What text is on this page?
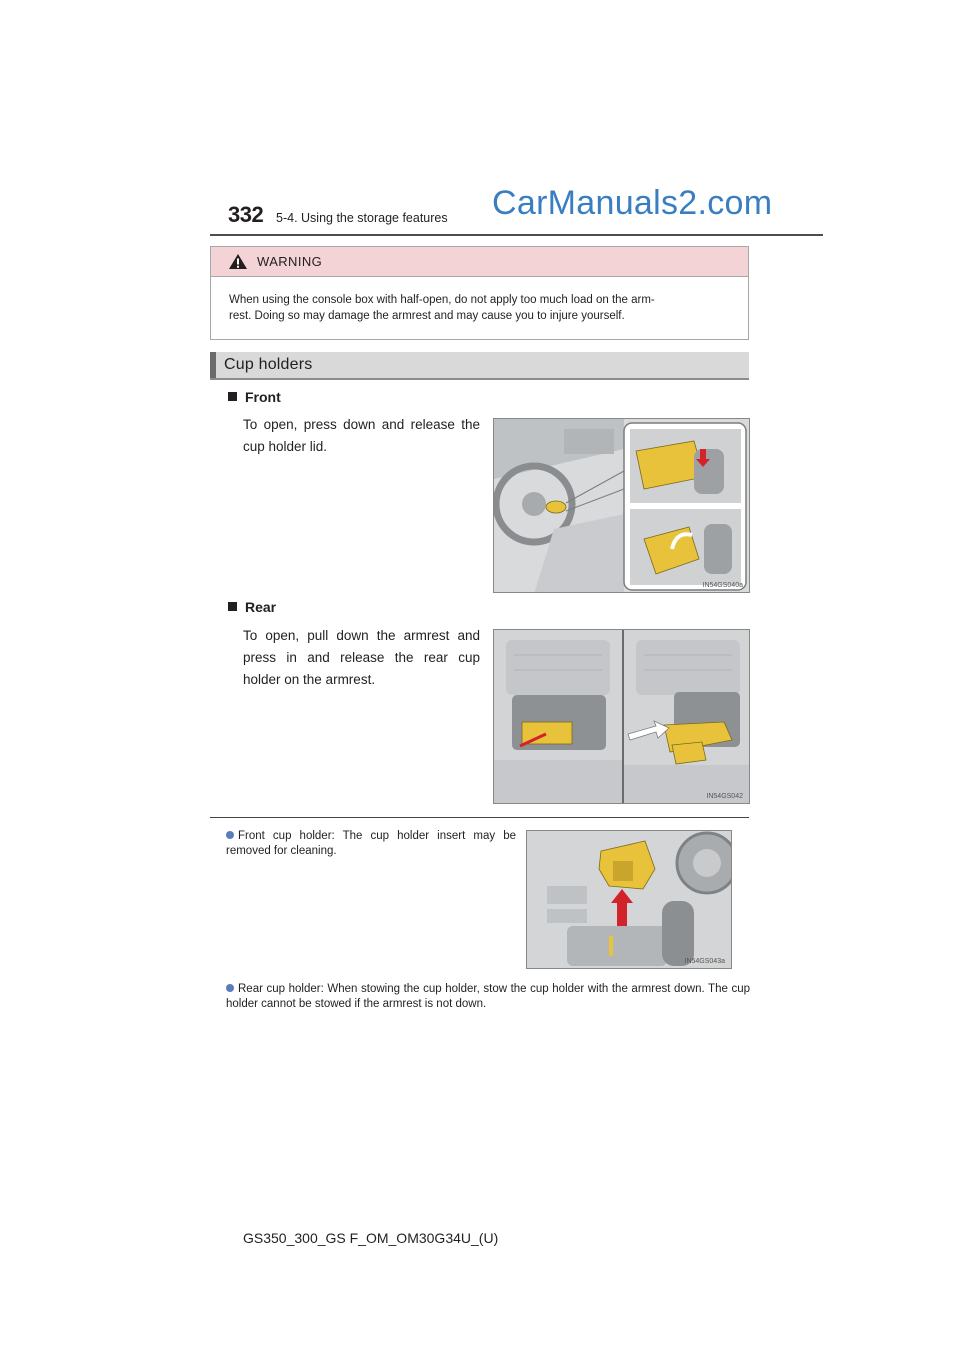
332 5-4. Using the storage features CarManuals2.com
WARNING
When using the console box with half-open, do not apply too much load on the arm-
rest. Doing so may damage the armrest and may cause you to injure yourself.
Cup holders
Front
To open, press down and release the cup holder lid.
IN54GS040a
Rear
To open, pull down the armrest and press in and release the rear cup holder on the armrest.
IN54GS042
Front cup holder: The cup holder insert may be removed for cleaning.
IN54GS043a
Rear cup holder: When stowing the cup holder, stow the cup holder with the armrest down. The cup holder cannot be stowed if the armrest is not down.
GS350_300_GS F_OM_OM30G34U_(U)
